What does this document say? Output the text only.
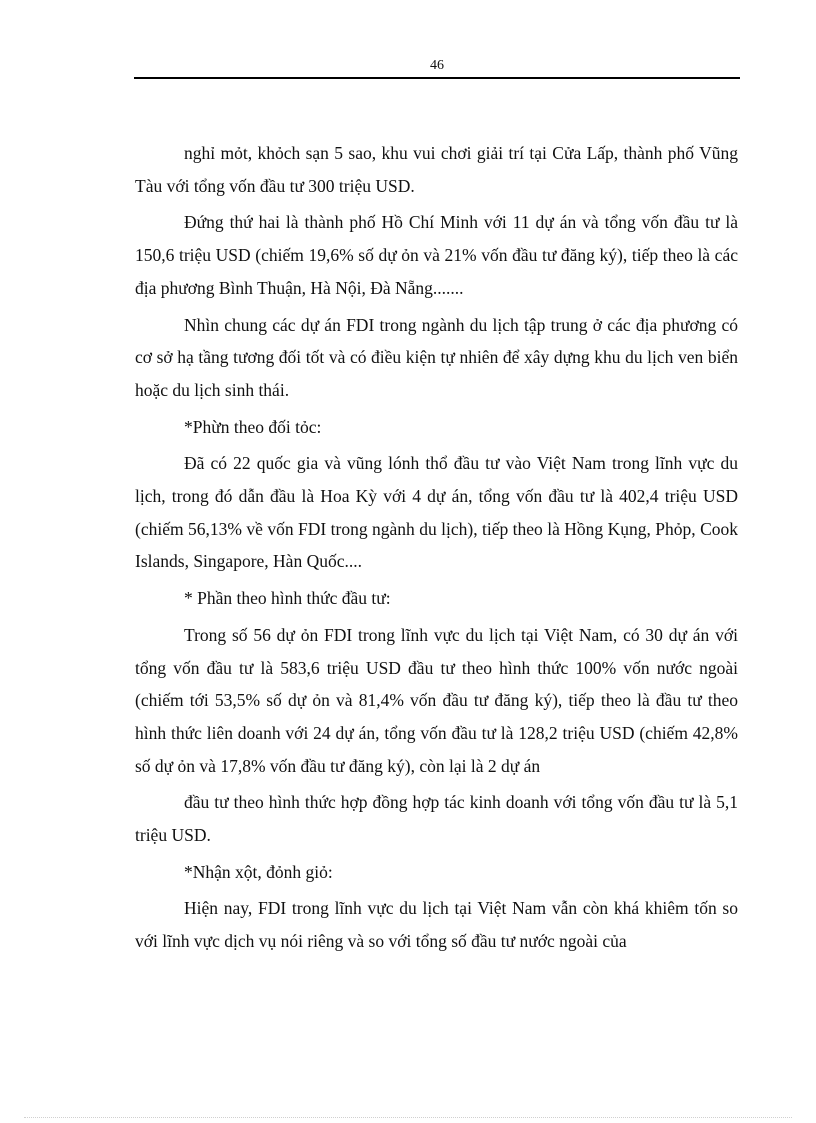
46

nghỉ mỏt, khỏch sạn 5 sao, khu vui chơi giải trí tại Cửa Lấp, thành phố Vũng Tàu với tổng vốn đầu tư 300 triệu USD.

Đứng thứ hai là thành phố Hồ Chí Minh với 11 dự án và tổng vốn đầu tư là 150,6 triệu USD (chiếm 19,6% số dự ỏn và 21% vốn đầu tư đăng ký), tiếp theo là các địa phương Bình Thuận, Hà Nội, Đà Nẵng.......

Nhìn chung các dự án FDI trong ngành du lịch tập trung ở các địa phương có cơ sở hạ tầng tương đối tốt và có điều kiện tự nhiên để xây dựng khu du lịch ven biển hoặc du lịch sinh thái.

*Phừn theo đối tỏc:

Đã có 22 quốc gia và vũng lónh thổ đầu tư vào Việt Nam trong lĩnh vực du lịch, trong đó dẫn đầu là Hoa Kỳ với 4 dự án, tổng vốn đầu tư là 402,4 triệu USD (chiếm 56,13% về vốn FDI trong ngành du lịch), tiếp theo là Hồng Kụng, Phỏp, Cook Islands, Singapore, Hàn Quốc....

* Phần theo hình thức đầu tư:

Trong số 56 dự ỏn FDI trong lĩnh vực du lịch tại Việt Nam, có 30 dự án với tổng vốn đầu tư là 583,6 triệu USD đầu tư theo hình thức 100% vốn nước ngoài (chiếm tới 53,5% số dự ỏn và 81,4% vốn đầu tư đăng ký), tiếp theo là đầu tư theo hình thức liên doanh với 24 dự án, tổng vốn đầu tư là 128,2 triệu USD (chiếm 42,8% số dự ỏn và 17,8% vốn đầu tư đăng ký), còn lại là 2 dự án

đầu tư theo hình thức hợp đồng hợp tác kinh doanh với tổng vốn đầu tư là 5,1 triệu USD.

*Nhận xột, đỏnh giỏ:

Hiện nay, FDI trong lĩnh vực du lịch tại Việt Nam vẫn còn khá khiêm tốn so với lĩnh vực dịch vụ nói riêng và so với tổng số đầu tư nước ngoài của
